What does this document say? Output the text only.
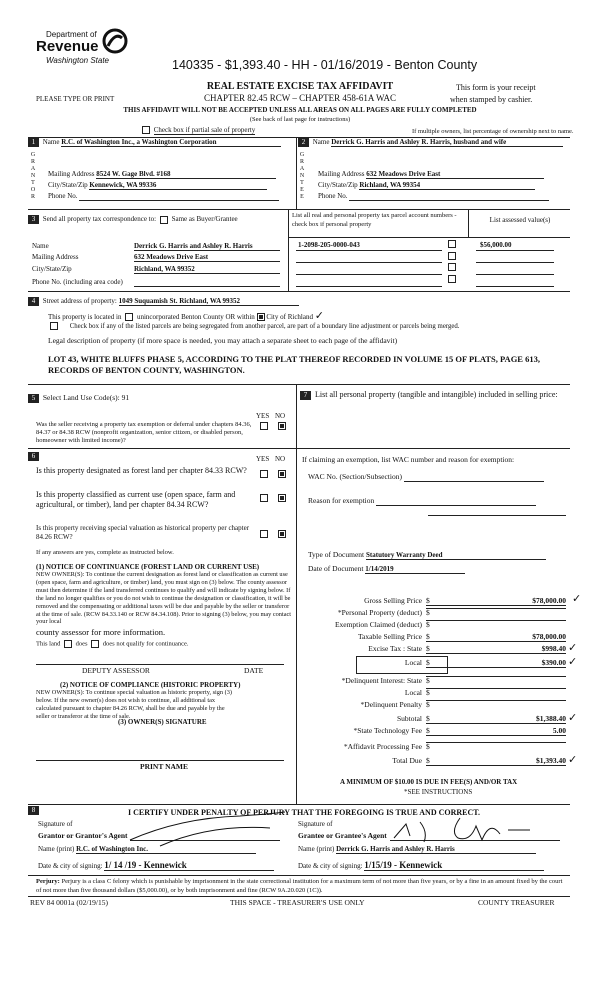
Department of
Revenue
Washington State	140335 - $1,393.40 - HH - 01/16/2019 - Benton County
REAL ESTATE EXCISE TAX AFFIDAVIT
PLEASE TYPE OR PRINT	CHAPTER 82.45 RCW – CHAPTER 458-61A WAC
This form is your receipt
when stamped by cashier.
THIS AFFIDAVIT WILL NOT BE ACCEPTED UNLESS ALL AREAS ON ALL PAGES ARE FULLY COMPLETED
(See back of last page for instructions)
Check box if partial sale of property	If multiple owners, list percentage of ownership next to name.
1 Name R.C. of Washington Inc., a Washington Corporation
G
R
A
N
T
O
R
Mailing Address 8524 W. Gage Blvd. #168
City/State/Zip Kennewick, WA 99336
Phone No.
2 Name Derrick G. Harris and Ashley R. Harris, husband and wife
G
R
A
N
T
E
E
Mailing Address 632 Meadows Drive East
City/State/Zip Richland, WA 99354
Phone No.
3 Send all property tax correspondence to: Same as Buyer/Grantee	List all real and personal property tax parcel account numbers - check box if personal property
List assessed value(s)
Name	Derrick G. Harris and Ashley R. Harris
Mailing Address	632 Meadows Drive East
City/State/Zip	Richland, WA 99352
Phone No. (including area code)

1-2098-205-0000-043	$56,000.00
4 Street address of property: 1049 Suquamish St. Richland, WA 99352
This property is located in unincorporated Benton County OR within City of Richland ✓
Check box if any of the listed parcels are being segregated from another parcel, are part of a boundary line adjustment or parcels being merged.
Legal description of property (if more space is needed, you may attach a separate sheet to each page of the affidavit)
LOT 43, WHITE BLUFFS PHASE 5, ACCORDING TO THE PLAT THEREOF RECORDED IN VOLUME 15 OF PLATS, PAGE 613, RECORDS OF BENTON COUNTY, WASHINGTON.
5 Select Land Use Code(s): 91
YES NO
Was the seller receiving a property tax exemption or deferral under chapters 84.36, 84.37 or 84.38 RCW (nonprofit organization, senior citizen, or disabled person, homeowner with limited income)?

6	YES NO
Is this property designated as forest land per chapter 84.33 RCW?

Is this property classified as current use (open space, farm and agricultural, or timber), land per chapter 84.34 RCW?

Is this property receiving special valuation as historical property per chapter 84.26 RCW?

If any answers are yes, complete as instructed below.
(1) NOTICE OF CONTINUANCE (FOREST LAND OR CURRENT USE)
NEW OWNER(S): To continue the current designation as forest land or classification as current use (open space, farm and agriculture, or timber) land, you must sign on (3) below. The county assessor must then determine if the land transferred continues to qualify and will indicate by signing below. If the land no longer qualifies or you do not wish to continue the designation or classification, it will be removed and the compensating or additional taxes will be due and payable by the seller or transferor at the time of sale. (RCW 84.33.140 or RCW 84.34.108). Prior to signing (3) below, you may contact your local
county assessor for more information.
This land does does not qualify for continuance.
DEPUTY ASSESSOR	DATE
(2) NOTICE OF COMPLIANCE (HISTORIC PROPERTY)
NEW OWNER(S): To continue special valuation as historic property, sign (3) below. If the new owner(s) does not wish to continue, all additional tax calculated pursuant to chapter 84.26 RCW, shall be due and payable by the seller or transferor at the time of sale.
(3) OWNER(S) SIGNATURE
PRINT NAME
7 List all personal property (tangible and intangible) included in selling price:
If claiming an exemption, list WAC number and reason for exemption:
WAC No. (Section/Subsection)
Reason for exemption
Type of Document Statutory Warranty Deed
Date of Document 1/14/2019
Gross Selling Price $	$78,000.00 ✓
*Personal Property (deduct) $
Exemption Claimed (deduct) $
Taxable Selling Price $	$78,000.00
Excise Tax : State $	$998.40 ✓
Local $	$390.00 ✓
*Delinquent Interest: State $
Local $
*Delinquent Penalty $
Subtotal $	$1,388.40 ✓
*State Technology Fee $	5.00
*Affidavit Processing Fee $
Total Due $	$1,393.40 ✓
A MINIMUM OF $10.00 IS DUE IN FEE(S) AND/OR TAX
*SEE INSTRUCTIONS
8	I CERTIFY UNDER PENALTY OF PERJURY THAT THE FOREGOING IS TRUE AND CORRECT.
Signature of
Grantor or Grantor's Agent
Name (print) R.C. of Washington Inc.
Date & city of signing: 1/ 14 /19 - Kennewick
Signature of
Grantee or Grantee's Agent
Name (print) Derrick G. Harris and Ashley R. Harris
Date & city of signing: 1/15/19 - Kennewick
Perjury: Perjury is a class C felony which is punishable by imprisonment in the state correctional institution for a maximum term of not more than five years, or by a fine in an amount fixed by the court of not more than five thousand dollars ($5,000.00), or by both imprisonment and fine (RCW 9A.20.020 (1C)).
REV 84 0001a (02/19/15)	THIS SPACE - TREASURER'S USE ONLY	COUNTY TREASURER
